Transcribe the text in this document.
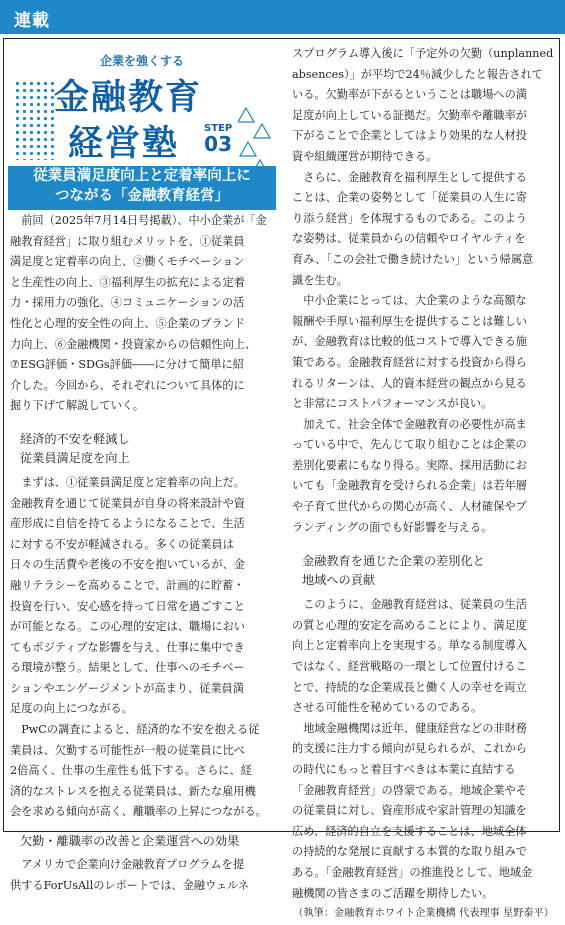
連載
企業を強くする
金融教育
経営塾 STEP
03
従業員満足度向上と定着率向上に
つながる「金融教育経営」
前回（2025年7月14日号掲載）、中小企業が「金
融教育経営」に取り組むメリットを、①従業員
満足度と定着率の向上、②働くモチベーション
と生産性の向上、③福利厚生の拡充による定着
力・採用力の強化、④コミュニケーションの活
性化と心理的安全性の向上、⑤企業のブランド
力向上、⑥金融機関・投資家からの信頼性向上、
⑦ESG評価・SDGs評価――に分けて簡単に紹
介した。今回から、それぞれについて具体的に
掘り下げて解説していく。
経済的不安を軽減し
従業員満足度を向上
まずは、①従業員満足度と定着率の向上だ。
金融教育を通じて従業員が自身の将来設計や資
産形成に自信を持てるようになることで、生活
に対する不安が軽減される。多くの従業員は
日々の生活費や老後の不安を抱いているが、金
融リテラシーを高めることで、計画的に貯蓄・
投資を行い、安心感を持って日常を過ごすこと
が可能となる。この心理的安定は、職場におい
てもポジティブな影響を与え、仕事に集中でき
る環境が整う。結果として、仕事へのモチベー
ションやエンゲージメントが高まり、従業員満
足度の向上につながる。
PwCの調査によると、経済的な不安を抱える従
業員は、欠勤する可能性が一般の従業員に比べ
2倍高く、仕事の生産性も低下する。さらに、経
済的なストレスを抱える従業員は、新たな雇用機
会を求める傾向が高く、離職率の上昇につながる。
欠勤・離職率の改善と企業運営への効果
アメリカで企業向け金融教育プログラムを提
供するForUsAllのレポートでは、金融ウェルネ
スプログラム導入後に「予定外の欠勤（unplanned
absences）」が平均で24％減少したと報告されて
いる。欠勤率が下がるということは職場への満
足度が向上している証拠だ。欠勤率や離職率が
下がることで企業としてはより効果的な人材投
資や組織運営が期待できる。
さらに、金融教育を福利厚生として提供する
ことは、企業の姿勢として「従業員の人生に寄
り添う経営」を体現するものである。このよう
な姿勢は、従業員からの信頼やロイヤルティを
育み、「この会社で働き続けたい」という帰属意
識を生む。
中小企業にとっては、大企業のような高額な
報酬や手厚い福利厚生を提供することは難しい
が、金融教育は比較的低コストで導入できる施
策である。金融教育経営に対する投資から得ら
れるリターンは、人的資本経営の観点から見る
と非常にコストパフォーマンスが良い。
加えて、社会全体で金融教育の必要性が高ま
っている中で、先んじて取り組むことは企業の
差別化要素にもなり得る。実際、採用活動にお
いても「金融教育を受けられる企業」は若年層
や子育て世代からの関心が高く、人材確保やブ
ランディングの面でも好影響を与える。
金融教育を通じた企業の差別化と
地域への貢献
このように、金融教育経営は、従業員の生活
の質と心理的安定を高めることにより、満足度
向上と定着率向上を実現する。単なる制度導入
ではなく、経営戦略の一環として位置付けるこ
とで、持続的な企業成長と働く人の幸せを両立
させる可能性を秘めているのである。
地域金融機関は近年、健康経営などの非財務
的支援に注力する傾向が見られるが、これから
の時代にもっと着目すべきは本業に直結する
「金融教育経営」の啓蒙である。地域企業やそ
の従業員に対し、資産形成や家計管理の知識を
広め、経済的自立を支援することは、地域全体
の持続的な発展に貢献する本質的な取り組みで
ある。「金融教育経営」の推進役として、地域金
融機関の皆さまのご活躍を期待したい。
（執筆：金融教育ホワイト企業機構 代表理事 星野泰平）
